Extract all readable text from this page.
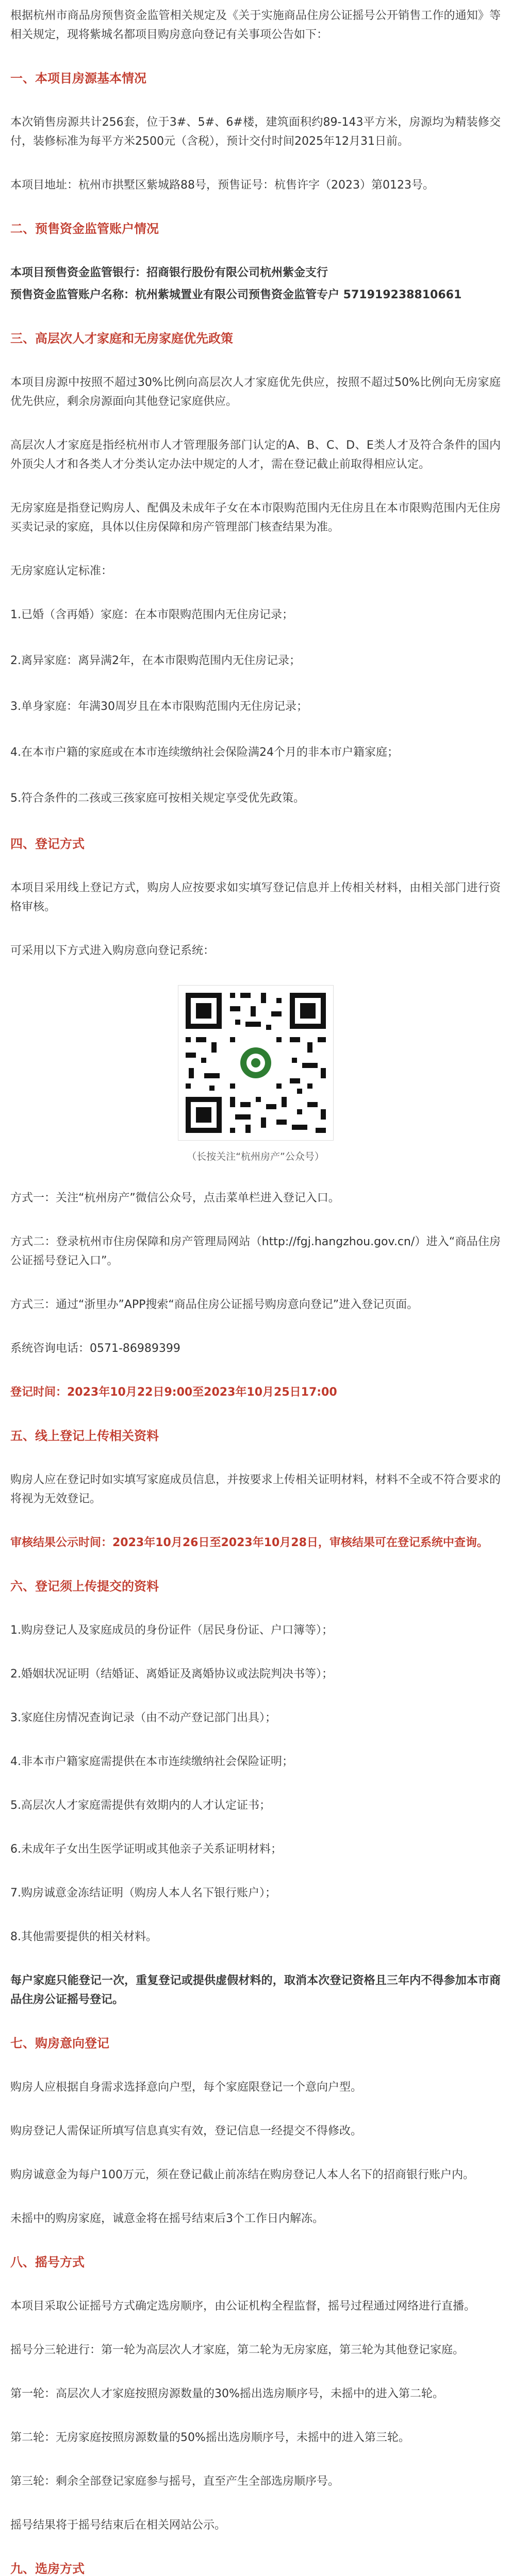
根据杭州市商品房预售资金监管相关规定及《关于实施商品住房公证摇号公开销售工作的通知》等相关规定，现将紫城名都项目购房意向登记有关事项公告如下：

一、本项目房源基本情况

本次销售房源共计256套，位于3#、5#、6#楼，建筑面积约89-143平方米，房源均为精装修交付，装修标准为每平方米2500元（含税），预计交付时间2025年12月31日前。

本项目地址：杭州市拱墅区紫城路88号，预售证号：杭售许字（2023）第0123号。

二、预售资金监管账户情况

本项目预售资金监管银行：招商银行股份有限公司杭州紫金支行

预售资金监管账户名称：杭州紫城置业有限公司预售资金监管专户 571919238810661

三、高层次人才家庭和无房家庭优先政策

本项目房源中按照不超过30%比例向高层次人才家庭优先供应，按照不超过50%比例向无房家庭优先供应，剩余房源面向其他登记家庭供应。

高层次人才家庭是指经杭州市人才管理服务部门认定的A、B、C、D、E类人才及符合条件的国内外顶尖人才和各类人才分类认定办法中规定的人才，需在登记截止前取得相应认定。

无房家庭是指登记购房人、配偶及未成年子女在本市限购范围内无住房且在本市限购范围内无住房买卖记录的家庭，具体以住房保障和房产管理部门核查结果为准。

无房家庭认定标准：

1.已婚（含再婚）家庭：在本市限购范围内无住房记录；

2.离异家庭：离异满2年，在本市限购范围内无住房记录；

3.单身家庭：年满30周岁且在本市限购范围内无住房记录；

4.在本市户籍的家庭或在本市连续缴纳社会保险满24个月的非本市户籍家庭；

5.符合条件的二孩或三孩家庭可按相关规定享受优先政策。

四、登记方式

本项目采用线上登记方式，购房人应按要求如实填写登记信息并上传相关材料，由相关部门进行资格审核。

可采用以下方式进入购房意向登记系统：

（长按关注“杭州房产”公众号）

方式一：关注“杭州房产”微信公众号，点击菜单栏进入登记入口。

方式二：登录杭州市住房保障和房产管理局网站（http://fgj.hangzhou.gov.cn/）进入“商品住房公证摇号登记入口”。

方式三：通过“浙里办”APP搜索“商品住房公证摇号购房意向登记”进入登记页面。

系统咨询电话：0571-86989399

登记时间：2023年10月22日9:00至2023年10月25日17:00

五、线上登记上传相关资料

购房人应在登记时如实填写家庭成员信息，并按要求上传相关证明材料，材料不全或不符合要求的将视为无效登记。

审核结果公示时间：2023年10月26日至2023年10月28日，审核结果可在登记系统中查询。

六、登记须上传提交的资料

1.购房登记人及家庭成员的身份证件（居民身份证、户口簿等）；

2.婚姻状况证明（结婚证、离婚证及离婚协议或法院判决书等）；

3.家庭住房情况查询记录（由不动产登记部门出具）；

4.非本市户籍家庭需提供在本市连续缴纳社会保险证明；

5.高层次人才家庭需提供有效期内的人才认定证书；

6.未成年子女出生医学证明或其他亲子关系证明材料；

7.购房诚意金冻结证明（购房人本人名下银行账户）；

8.其他需要提供的相关材料。

每户家庭只能登记一次，重复登记或提供虚假材料的，取消本次登记资格且三年内不得参加本市商品住房公证摇号登记。

七、购房意向登记

购房人应根据自身需求选择意向户型，每个家庭限登记一个意向户型。

购房登记人需保证所填写信息真实有效，登记信息一经提交不得修改。

购房诚意金为每户100万元，须在登记截止前冻结在购房登记人本人名下的招商银行账户内。

未摇中的购房家庭，诚意金将在摇号结束后3个工作日内解冻。

八、摇号方式

本项目采取公证摇号方式确定选房顺序，由公证机构全程监督，摇号过程通过网络进行直播。

摇号分三轮进行：第一轮为高层次人才家庭，第二轮为无房家庭，第三轮为其他登记家庭。

第一轮：高层次人才家庭按照房源数量的30%摇出选房顺序号，未摇中的进入第二轮。

第二轮：无房家庭按照房源数量的50%摇出选房顺序号，未摇中的进入第三轮。

第三轮：剩余全部登记家庭参与摇号，直至产生全部选房顺序号。

摇号结果将于摇号结束后在相关网站公示。

九、选房方式
